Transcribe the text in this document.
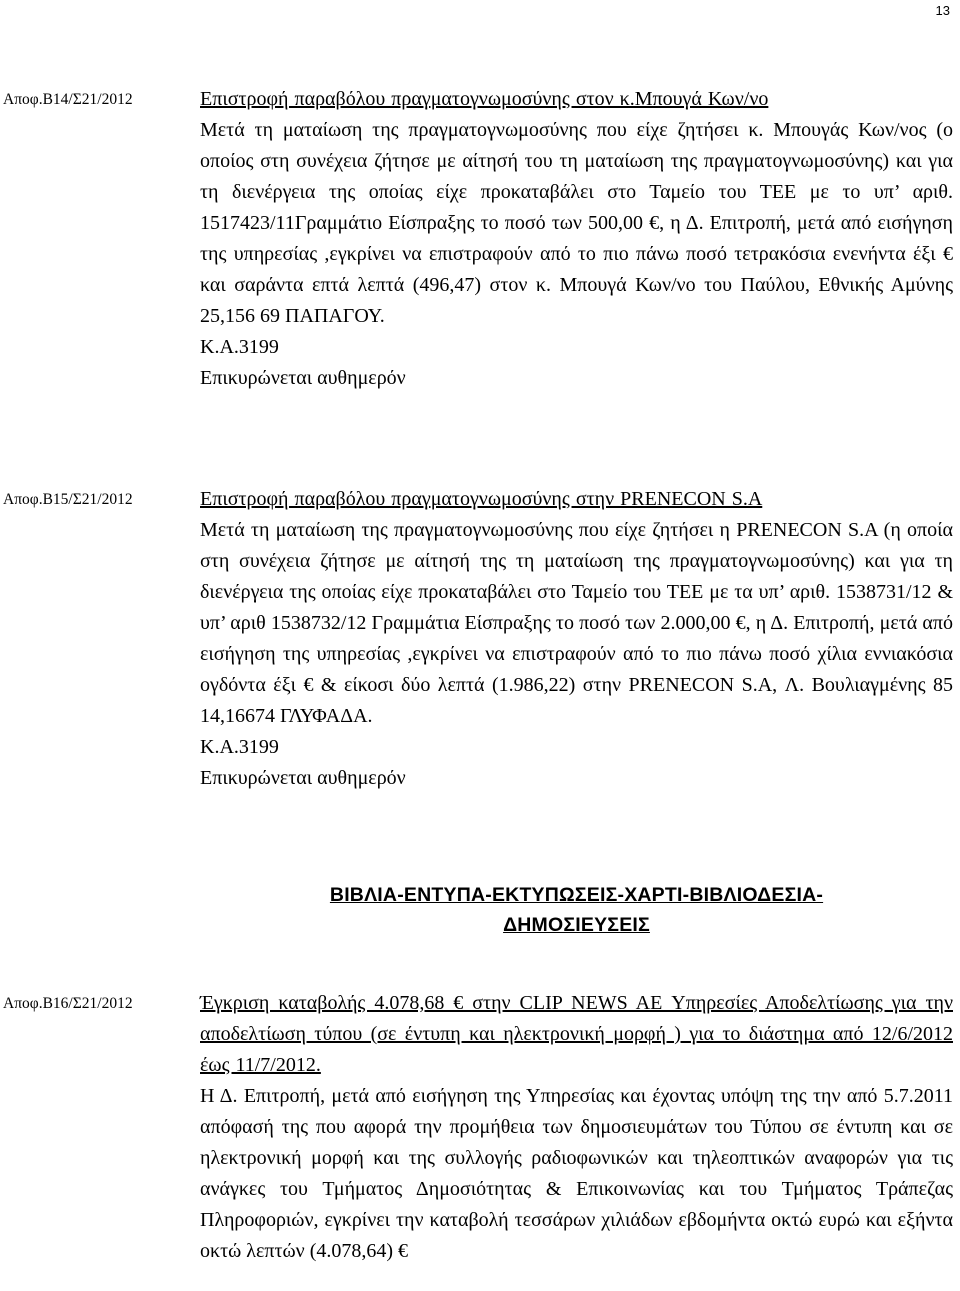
13
Αποφ.Β14/Σ21/2012	Επιστροφή παραβόλου πραγματογνωμοσύνης στον κ.Μπουγά Κων/νο

Μετά τη ματαίωση της πραγματογνωμοσύνης που είχε ζητήσει κ. Μπουγάς Κων/νος (ο οποίος στη συνέχεια ζήτησε με αίτησή του τη ματαίωση της πραγματογνωμοσύνης) και για τη διενέργεια της οποίας είχε προκαταβάλει στο Ταμείο του ΤΕΕ με το υπ’ αριθ. 1517423/11Γραμμάτιο Είσπραξης το ποσό των 500,00 €, η Δ. Επιτροπή, μετά από εισήγηση της υπηρεσίας ,εγκρίνει να επιστραφούν από το πιο πάνω ποσό τετρακόσια ενενήντα έξι € και σαράντα επτά λεπτά (496,47) στον κ. Μπουγά Κων/νο του Παύλου, Εθνικής Αμύνης 25,156 69 ΠΑΠΑΓΟΥ.

Κ.Α.3199

Επικυρώνεται αυθημερόν

Αποφ.Β15/Σ21/2012	Επιστροφή παραβόλου πραγματογνωμοσύνης στην PRENECON S.A

Μετά τη ματαίωση της πραγματογνωμοσύνης που είχε ζητήσει η PRENECON S.A (η οποία στη συνέχεια ζήτησε με αίτησή της τη ματαίωση της πραγματογνωμοσύνης) και για τη διενέργεια της οποίας είχε προκαταβάλει στο Ταμείο του ΤΕΕ με τα υπ’ αριθ. 1538731/12 & υπ’ αριθ 1538732/12 Γραμμάτια Είσπραξης το ποσό των 2.000,00 €, η Δ. Επιτροπή, μετά από εισήγηση της υπηρεσίας ,εγκρίνει να επιστραφούν από το πιο πάνω ποσό χίλια εννιακόσια ογδόντα έξι € & είκοσι δύο λεπτά (1.986,22) στην PRENECON S.A, Λ. Βουλιαγμένης 85 14,16674 ΓΛΥΦΑΔΑ.

Κ.Α.3199

Επικυρώνεται αυθημερόν

ΒΙΒΛΙΑ-ΕΝΤΥΠΑ-ΕΚΤΥΠΩΣΕΙΣ-ΧΑΡΤΙ-ΒΙΒΛΙΟΔΕΣΙΑ-
ΔΗΜΟΣΙΕΥΣΕΙΣ
Αποφ.Β16/Σ21/2012	Έγκριση καταβολής 4.078,68 € στην CLIP NEWS AE Υπηρεσίες Αποδελτίωσης για την αποδελτίωση τύπου (σε έντυπη και ηλεκτρονική μορφή ) για το διάστημα από 12/6/2012 έως 11/7/2012.

Η Δ. Επιτροπή, μετά από εισήγηση της Υπηρεσίας και έχοντας υπόψη της την από 5.7.2011 απόφασή της που αφορά την προμήθεια των δημοσιευμάτων του Τύπου σε έντυπη και σε ηλεκτρονική μορφή και της συλλογής ραδιοφωνικών και τηλεοπτικών αναφορών για τις ανάγκες του Τμήματος Δημοσιότητας & Επικοινωνίας και του Τμήματος Τράπεζας Πληροφοριών, εγκρίνει την καταβολή τεσσάρων χιλιάδων εβδομήντα οκτώ ευρώ και εξήντα οκτώ λεπτών (4.078,64) €
